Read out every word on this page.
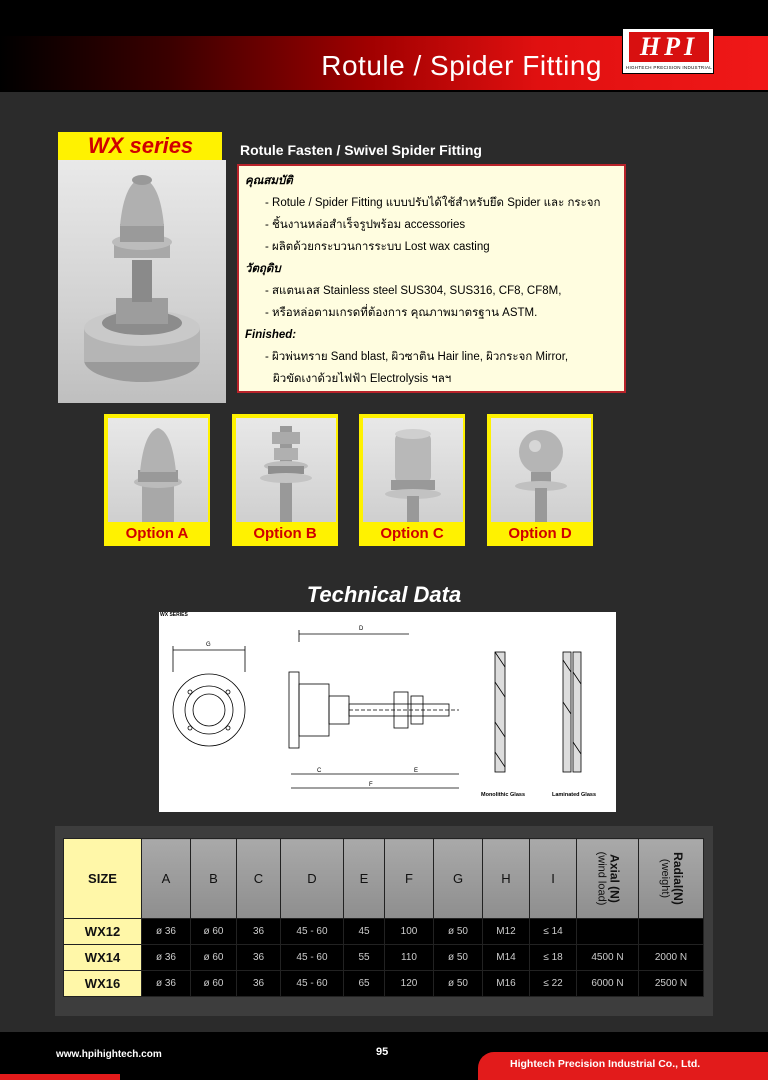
Rotule / Spider Fitting
HPI
HIGHTECH PRECISION INDUSTRIAL
WX series	Rotule Fasten / Swivel Spider Fitting
คุณสมบัติ
- Rotule / Spider Fitting แบบปรับได้ใช้สำหรับยึด Spider และ กระจก
- ชิ้นงานหล่อสำเร็จรูปพร้อม accessories
- ผลิตด้วยกระบวนการระบบ Lost wax casting
วัตถุดิบ
- สแตนเลส Stainless steel SUS304, SUS316, CF8, CF8M,
- หรือหล่อตามเกรดที่ต้องการ คุณภาพมาตรฐาน ASTM.
Finished:
- ผิวพ่นทราย Sand blast, ผิวซาติน Hair line, ผิวกระจก Mirror,
ผิวขัดเงาด้วยไฟฟ้า Electrolysis ฯลฯ
Option A	Option B	Option C	Option D
Technical Data
WX SERIES
G
D
C	E
F
Monolithic Glass	Laminated Glass
SIZE	A	B	C	D	E	F	G	H	I	Axial (N)
(wind load)	Radial(N)
(weight)
WX12	ø 36	ø 60	36	45 - 60	45	100	ø 50	M12	≤ 14		
WX14	ø 36	ø 60	36	45 - 60	55	110	ø 50	M14	≤ 18	4500 N	2000 N
WX16	ø 36	ø 60	36	45 - 60	65	120	ø 50	M16	≤ 22	6000 N	2500 N
www.hpihightech.com	95
Hightech Precision Industrial Co., Ltd.
